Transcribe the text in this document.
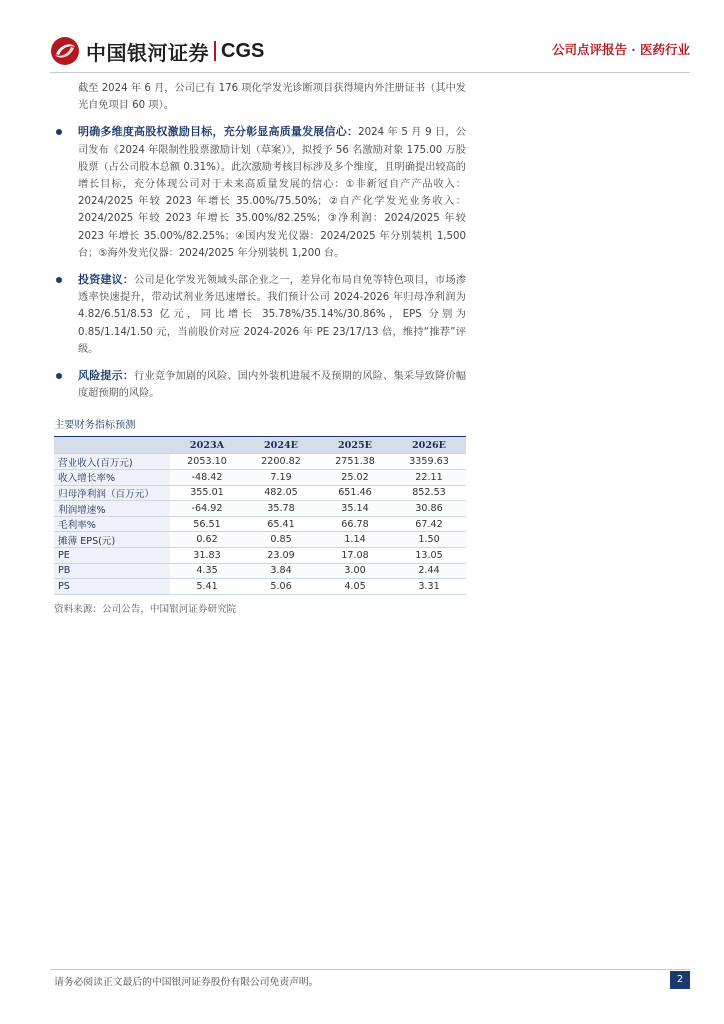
中国银河证券 CGS	公司点评报告 · 医药行业
截至 2024 年 6 月，公司已有 176 项化学发光诊断项目获得境内外注册证书（其中发光自免项目 60 项）。
明确多维度高股权激励目标，充分彰显高质量发展信心：2024 年 5 月 9 日，公司发布《2024 年限制性股票激励计划（草案）》，拟授予 56 名激励对象 175.00 万股股票（占公司股本总额 0.31%）。此次激励考核目标涉及多个维度，且明确提出较高的增长目标，充分体现公司对于未来高质量发展的信心：①非新冠自产产品收入：2024/2025 年较 2023 年增长 35.00%/75.50%；②自产化学发光业务收入：2024/2025 年较 2023 年增长 35.00%/82.25%；③净利润：2024/2025 年较 2023 年增长 35.00%/82.25%；④国内发光仪器：2024/2025 年分别装机 1,500 台；⑤海外发光仪器：2024/2025 年分别装机 1,200 台。
投资建议：公司是化学发光领域头部企业之一，差异化布局自免等特色项目，市场渗透率快速提升，带动试剂业务迅速增长。我们预计公司 2024-2026 年归母净利润为 4.82/6.51/8.53 亿元，同比增长 35.78%/35.14%/30.86%，EPS 分别为 0.85/1.14/1.50 元，当前股价对应 2024-2026 年 PE 23/17/13 倍，维持“推荐”评级。
风险提示：行业竞争加剧的风险、国内外装机进展不及预期的风险、集采导致降价幅度超预期的风险。
主要财务指标预测
	2023A	2024E	2025E	2026E
营业收入(百万元)	2053.10	2200.82	2751.38	3359.63
收入增长率%	-48.42	7.19	25.02	22.11
归母净利润（百万元）	355.01	482.05	651.46	852.53
利润增速%	-64.92	35.78	35.14	30.86
毛利率%	56.51	65.41	66.78	67.42
摊薄 EPS(元)	0.62	0.85	1.14	1.50
PE	31.83	23.09	17.08	13.05
PB	4.35	3.84	3.00	2.44
PS	5.41	5.06	4.05	3.31
资料来源：公司公告，中国银河证券研究院
请务必阅读正文最后的中国银河证券股份有限公司免责声明。	2
